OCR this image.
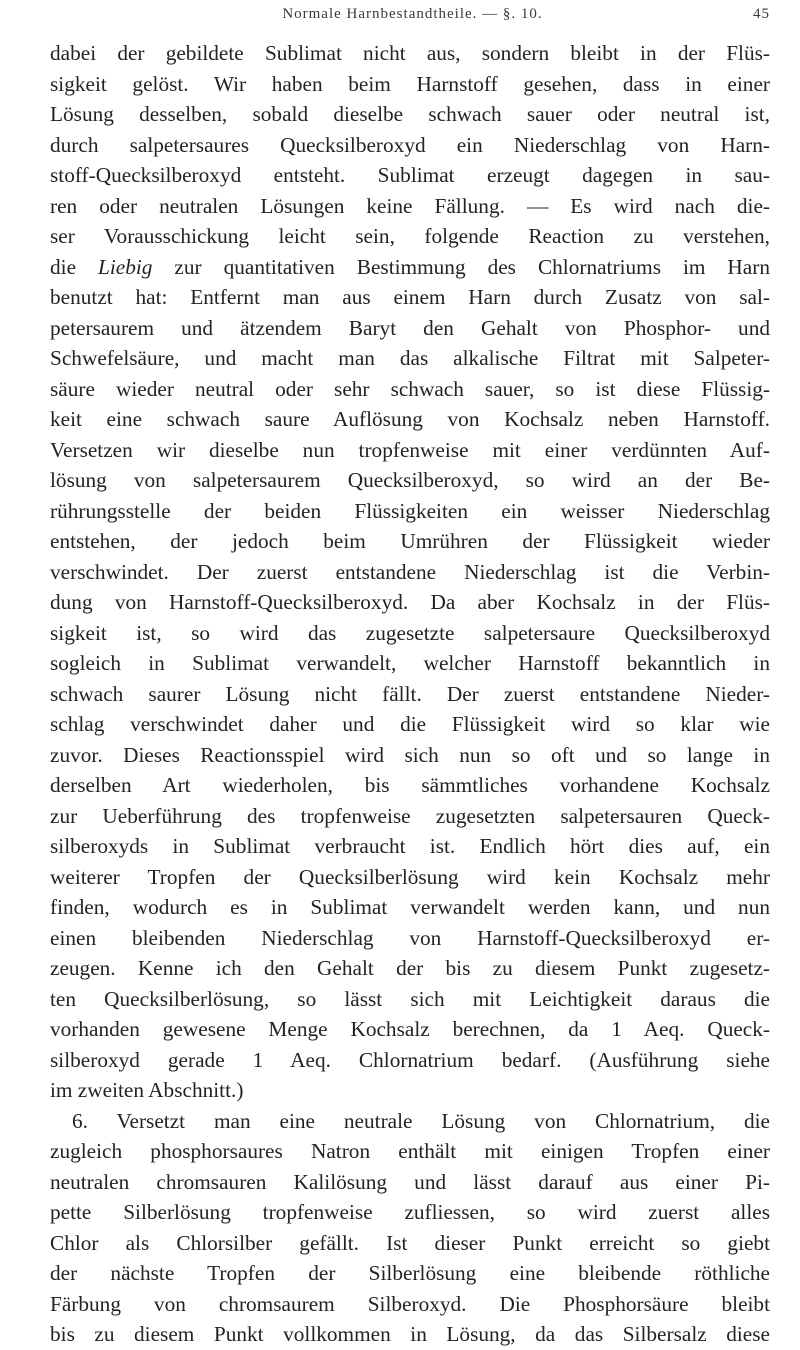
Normale Harnbestandtheile. — §. 10.	45
dabei der gebildete Sublimat nicht aus, sondern bleibt in der Flüs-
sigkeit gelöst. Wir haben beim Harnstoff gesehen, dass in einer
Lösung desselben, sobald dieselbe schwach sauer oder neutral ist,
durch salpetersaures Quecksilberoxyd ein Niederschlag von Harn-
stoff-Quecksilberoxyd entsteht. Sublimat erzeugt dagegen in sau-
ren oder neutralen Lösungen keine Fällung. — Es wird nach die-
ser Vorausschickung leicht sein, folgende Reaction zu verstehen,
die Liebig zur quantitativen Bestimmung des Chlornatriums im Harn
benutzt hat: Entfernt man aus einem Harn durch Zusatz von sal-
petersaurem und ätzendem Baryt den Gehalt von Phosphor- und
Schwefelsäure, und macht man das alkalische Filtrat mit Salpeter-
säure wieder neutral oder sehr schwach sauer, so ist diese Flüssig-
keit eine schwach saure Auflösung von Kochsalz neben Harnstoff.
Versetzen wir dieselbe nun tropfenweise mit einer verdünnten Auf-
lösung von salpetersaurem Quecksilberoxyd, so wird an der Be-
rührungsstelle der beiden Flüssigkeiten ein weisser Niederschlag
entstehen, der jedoch beim Umrühren der Flüssigkeit wieder
verschwindet. Der zuerst entstandene Niederschlag ist die Verbin-
dung von Harnstoff-Quecksilberoxyd. Da aber Kochsalz in der Flüs-
sigkeit ist, so wird das zugesetzte salpetersaure Quecksilberoxyd
sogleich in Sublimat verwandelt, welcher Harnstoff bekanntlich in
schwach saurer Lösung nicht fällt. Der zuerst entstandene Nieder-
schlag verschwindet daher und die Flüssigkeit wird so klar wie
zuvor. Dieses Reactionsspiel wird sich nun so oft und so lange in
derselben Art wiederholen, bis sämmtliches vorhandene Kochsalz
zur Ueberführung des tropfenweise zugesetzten salpetersauren Queck-
silberoxyds in Sublimat verbraucht ist. Endlich hört dies auf, ein
weiterer Tropfen der Quecksilberlösung wird kein Kochsalz mehr
finden, wodurch es in Sublimat verwandelt werden kann, und nun
einen bleibenden Niederschlag von Harnstoff-Quecksilberoxyd er-
zeugen. Kenne ich den Gehalt der bis zu diesem Punkt zugesetz-
ten Quecksilberlösung, so lässt sich mit Leichtigkeit daraus die
vorhanden gewesene Menge Kochsalz berechnen, da 1 Aeq. Queck-
silberoxyd gerade 1 Aeq. Chlornatrium bedarf. (Ausführung siehe
im zweiten Abschnitt.)
6. Versetzt man eine neutrale Lösung von Chlornatrium, die
zugleich phosphorsaures Natron enthält mit einigen Tropfen einer
neutralen chromsauren Kalilösung und lässt darauf aus einer Pi-
pette Silberlösung tropfenweise zufliessen, so wird zuerst alles
Chlor als Chlorsilber gefällt. Ist dieser Punkt erreicht so giebt
der nächste Tropfen der Silberlösung eine bleibende röthliche
Färbung von chromsaurem Silberoxyd. Die Phosphorsäure bleibt
bis zu diesem Punkt vollkommen in Lösung, da das Silbersalz diese
